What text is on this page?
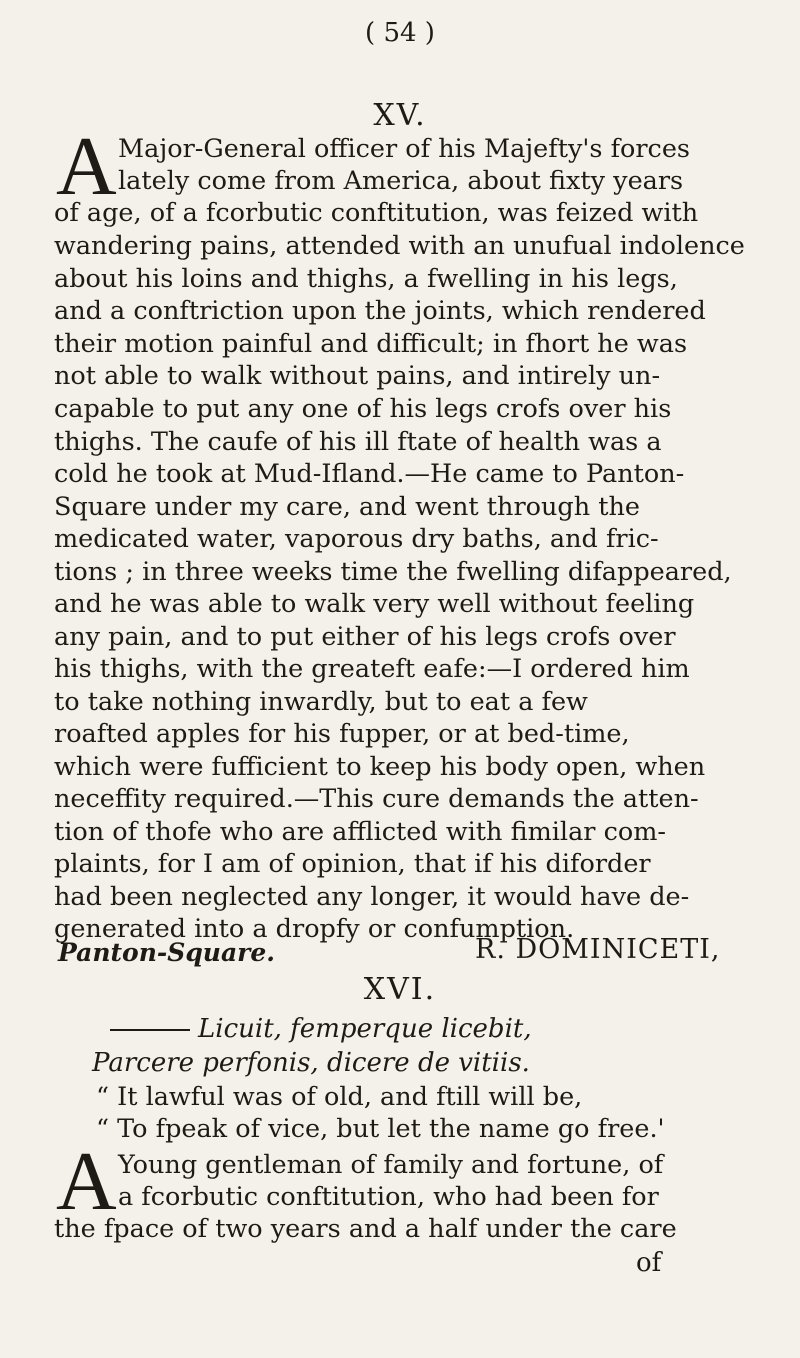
( 54 )
XV.
A Major-General officer of his Majefty's forces
lately come from America, about fixty years
of age, of a fcorbutic conftitution, was feized with
wandering pains, attended with an unufual indolence
about his loins and thighs, a fwelling in his legs,
and a conftriction upon the joints, which rendered
their motion painful and difficult; in fhort he was
not able to walk without pains, and intirely un-
capable to put any one of his legs crofs over his
thighs. The caufe of his ill ftate of health was a
cold he took at Mud-Ifland.—He came to Panton-
Square under my care, and went through the
medicated water, vaporous dry baths, and fric-
tions ; in three weeks time the fwelling difappeared,
and he was able to walk very well without feeling
any pain, and to put either of his legs crofs over
his thighs, with the greateft eafe:—I ordered him
to take nothing inwardly, but to eat a few
roafted apples for his fupper, or at bed-time,
which were fufficient to keep his body open, when
neceffity required.—This cure demands the atten-
tion of thofe who are afflicted with fimilar com-
plaints, for I am of opinion, that if his diforder
had been neglected any longer, it would have de-
generated into a dropfy or confumption.
Panton-Square.	R. DOMINICETI,
XVI.
Licuit, femperque licebit,
Parcere perfonis, dicere de vitiis.
“ It lawful was of old, and ftill will be,
“ To fpeak of vice, but let the name go free.'
A Young gentleman of family and fortune, of
a fcorbutic conftitution, who had been for
the fpace of two years and a half under the care
of
